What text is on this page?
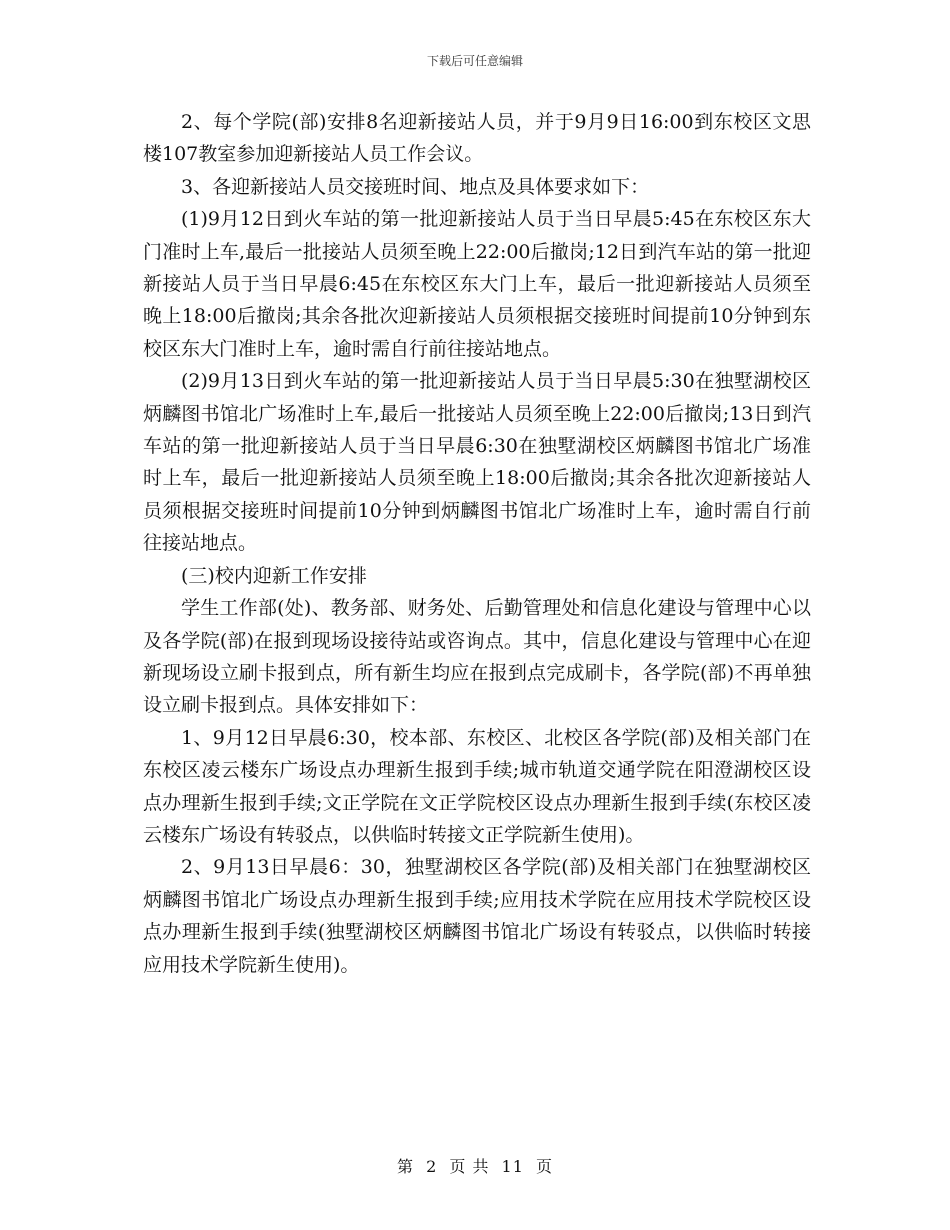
下载后可任意编辑

2、每个学院(部)安排8名迎新接站人员，并于9月9日16:00到东校区文思楼107教室参加迎新接站人员工作会议。

3、各迎新接站人员交接班时间、地点及具体要求如下：

(1)9月12日到火车站的第一批迎新接站人员于当日早晨5:45在东校区东大门准时上车,最后一批接站人员须至晚上22:00后撤岗;12日到汽车站的第一批迎新接站人员于当日早晨6:45在东校区东大门上车，最后一批迎新接站人员须至晚上18:00后撤岗;其余各批次迎新接站人员须根据交接班时间提前10分钟到东校区东大门准时上车，逾时需自行前往接站地点。

(2)9月13日到火车站的第一批迎新接站人员于当日早晨5:30在独墅湖校区炳麟图书馆北广场准时上车,最后一批接站人员须至晚上22:00后撤岗;13日到汽车站的第一批迎新接站人员于当日早晨6:30在独墅湖校区炳麟图书馆北广场准时上车，最后一批迎新接站人员须至晚上18:00后撤岗;其余各批次迎新接站人员须根据交接班时间提前10分钟到炳麟图书馆北广场准时上车，逾时需自行前往接站地点。

(三)校内迎新工作安排

学生工作部(处)、教务部、财务处、后勤管理处和信息化建设与管理中心以及各学院(部)在报到现场设接待站或咨询点。其中，信息化建设与管理中心在迎新现场设立刷卡报到点，所有新生均应在报到点完成刷卡，各学院(部)不再单独设立刷卡报到点。具体安排如下：

1、9月12日早晨6:30，校本部、东校区、北校区各学院(部)及相关部门在东校区凌云楼东广场设点办理新生报到手续;城市轨道交通学院在阳澄湖校区设点办理新生报到手续;文正学院在文正学院校区设点办理新生报到手续(东校区凌云楼东广场设有转驳点，以供临时转接文正学院新生使用)。

2、9月13日早晨6：30，独墅湖校区各学院(部)及相关部门在独墅湖校区炳麟图书馆北广场设点办理新生报到手续;应用技术学院在应用技术学院校区设点办理新生报到手续(独墅湖校区炳麟图书馆北广场设有转驳点，以供临时转接应用技术学院新生使用)。

第 2 页 共 11 页
